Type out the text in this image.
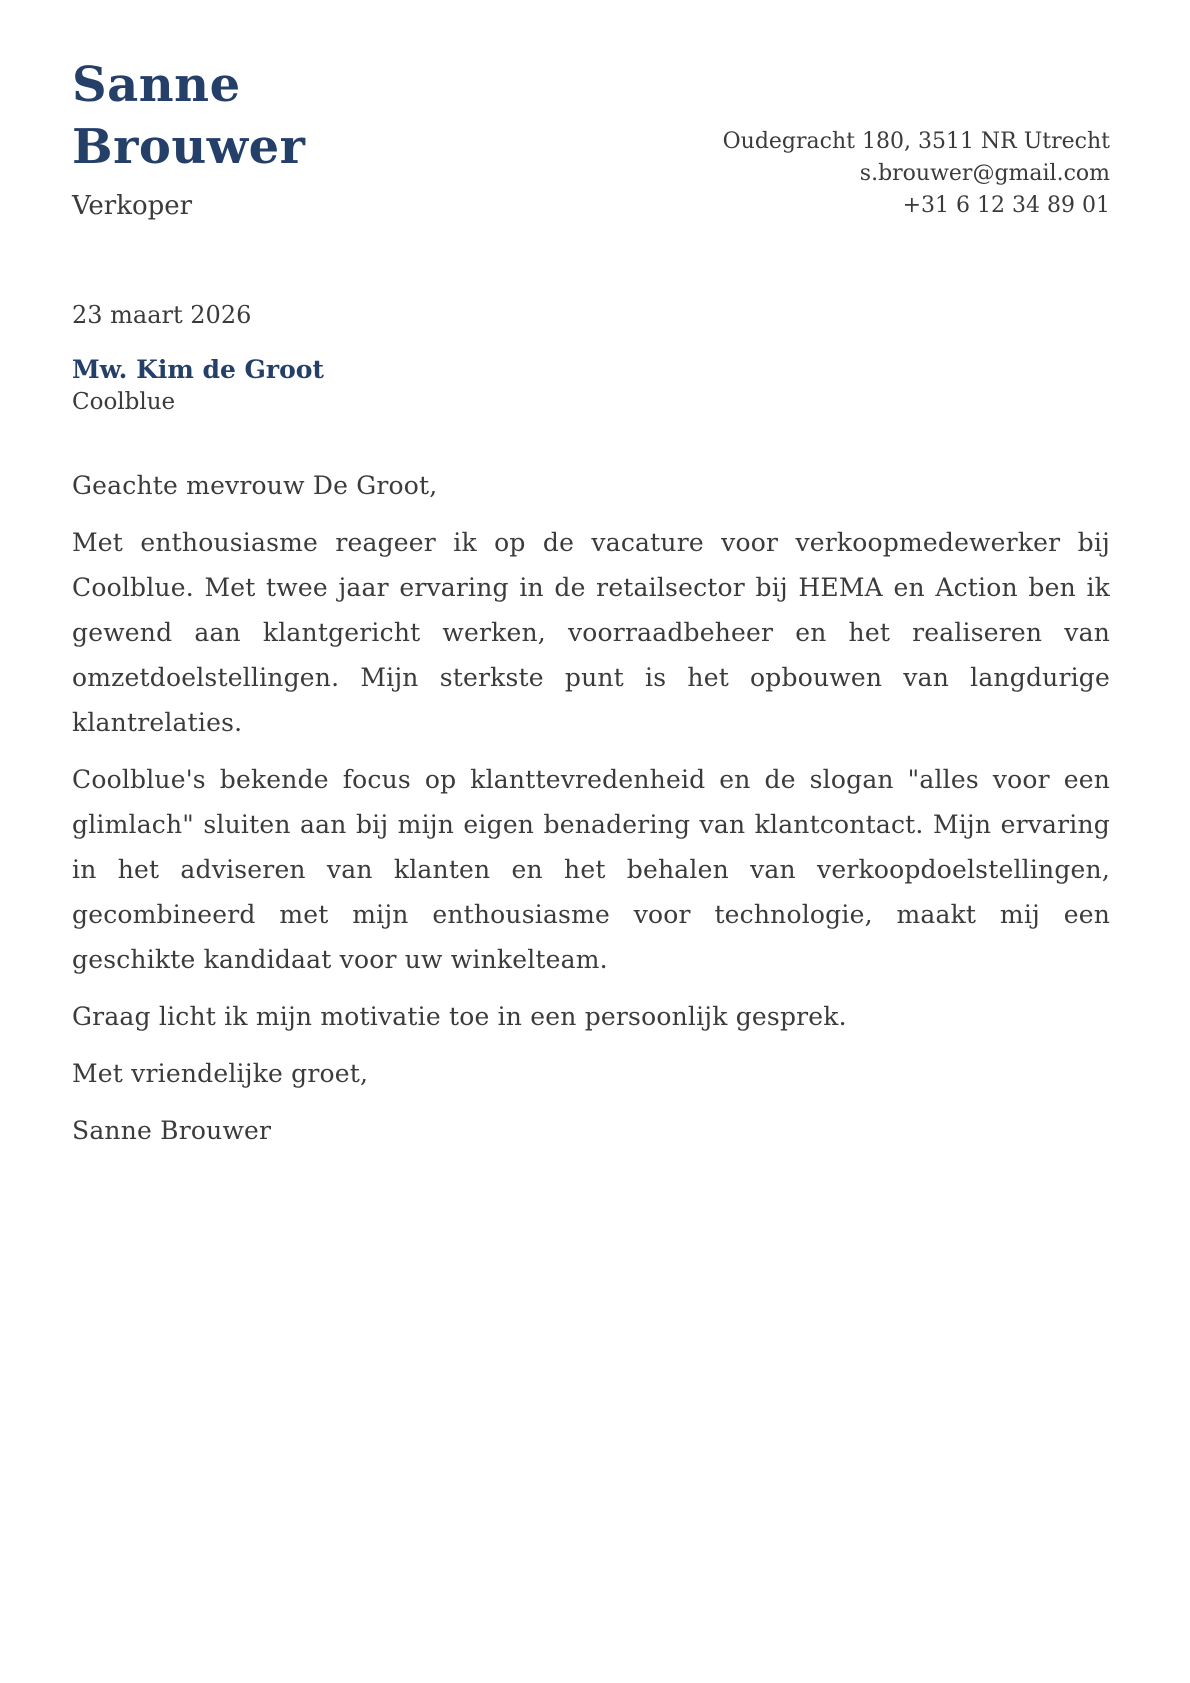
Sanne
Brouwer
Verkoper
Oudegracht 180, 3511 NR Utrecht
s.brouwer@gmail.com
+31 6 12 34 89 01
23 maart 2026
Mw. Kim de Groot
Coolblue

Geachte mevrouw De Groot,

Met enthousiasme reageer ik op de vacature voor verkoopmedewerker bij Coolblue. Met twee jaar ervaring in de retailsector bij HEMA en Action ben ik gewend aan klantgericht werken, voorraadbeheer en het realiseren van omzetdoelstellingen. Mijn sterkste punt is het opbouwen van langdurige klantrelaties.

Coolblue's bekende focus op klanttevredenheid en de slogan "alles voor een glimlach" sluiten aan bij mijn eigen benadering van klantcontact. Mijn ervaring in het adviseren van klanten en het behalen van verkoopdoelstellingen, gecombineerd met mijn enthousiasme voor technologie, maakt mij een geschikte kandidaat voor uw winkelteam.

Graag licht ik mijn motivatie toe in een persoonlijk gesprek.

Met vriendelijke groet,

Sanne Brouwer
